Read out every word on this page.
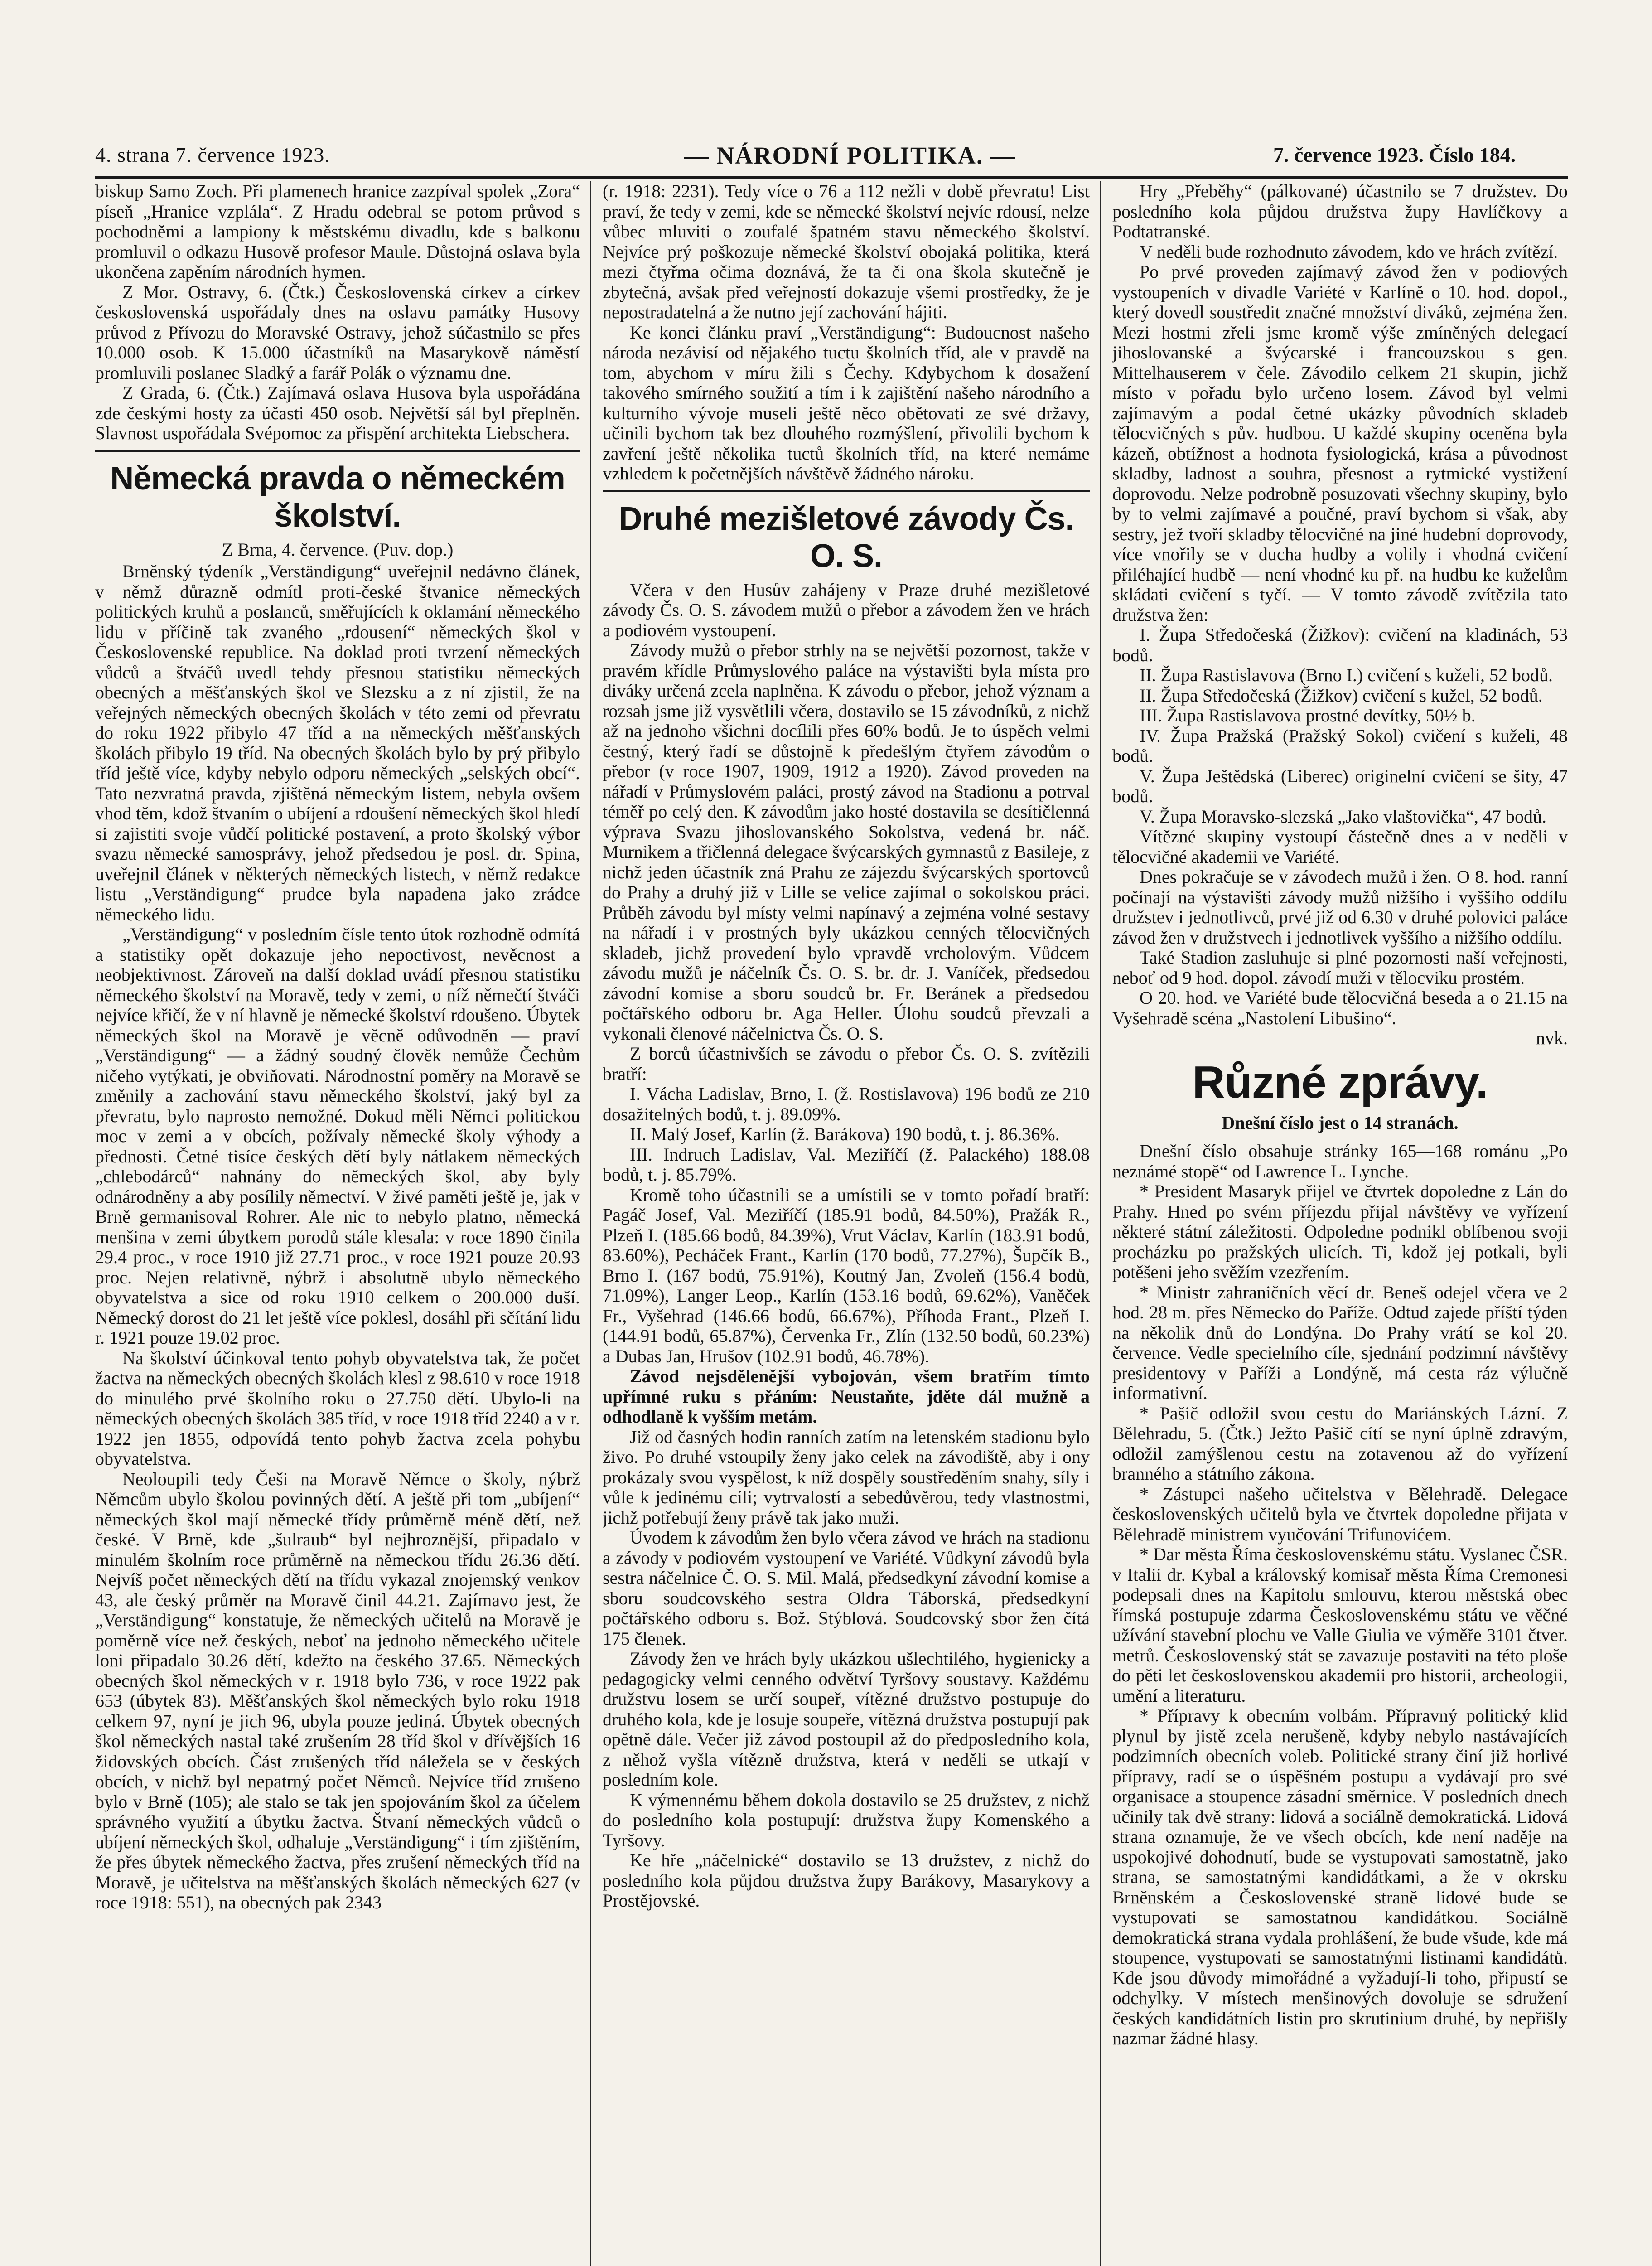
4. strana 7. července 1923.	— NÁRODNÍ POLITIKA. —	7. července 1923. Číslo 184.

biskup Samo Zoch. Při plamenech hranice zazpíval spolek „Zora“ píseň „Hranice vzplála“. Z Hradu odebral se potom průvod s pochodněmi a lampiony k městskému divadlu, kde s balkonu promluvil o odkazu Husově profesor Maule. Důstojná oslava byla ukončena zapěním národních hymen.

Z Mor. Ostravy, 6. (Čtk.) Československá církev a církev československá uspořádaly dnes na oslavu památky Husovy průvod z Přívozu do Moravské Ostravy, jehož súčastnilo se přes 10.000 osob. K 15.000 účastníků na Masarykově náměstí promluvili poslanec Sladký a farář Polák o významu dne.

Z Grada, 6. (Čtk.) Zajímavá oslava Husova byla uspořádána zde českými hosty za účasti 450 osob. Největší sál byl přeplněn. Slavnost uspořádala Svépomoc za přispění architekta Liebschera.

Německá pravda o německém školství.
Z Brna, 4. července. (Puv. dop.)

Brněnský týdeník „Verständigung“ uveřejnil nedávno článek, v němž důrazně odmítl proti-české štvanice německých politických kruhů a poslanců, směřujících k oklamání německého lidu v příčině tak zvaného „rdousení“ německých škol v Československé republice. Na doklad proti tvrzení německých vůdců a štváčů uvedl tehdy přesnou statistiku německých obecných a měšťanských škol ve Slezsku a z ní zjistil, že na veřejných německých obecných školách v této zemi od převratu do roku 1922 přibylo 47 tříd a na německých měšťanských školách přibylo 19 tříd. Na obecných školách bylo by prý přibylo tříd ještě více, kdyby nebylo odporu německých „selských obcí“. Tato nezvratná pravda, zjištěná německým listem, nebyla ovšem vhod těm, kdož štvaním o ubíjení a rdoušení německých škol hledí si zajistiti svoje vůdčí politické postavení, a proto školský výbor svazu německé samosprávy, jehož předsedou je posl. dr. Spina, uveřejnil článek v některých německých listech, v němž redakce listu „Verständigung“ prudce byla napadena jako zrádce německého lidu.

„Verständigung“ v posledním čísle tento útok rozhodně odmítá a statistiky opět dokazuje jeho nepoctivost, nevěcnost a neobjektivnost. Zároveň na další doklad uvádí přesnou statistiku německého školství na Moravě, tedy v zemi, o níž němečtí štváči nejvíce křičí, že v ní hlavně je německé školství rdoušeno. Úbytek německých škol na Moravě je věcně odůvodněn — praví „Verständigung“ — a žádný soudný člověk nemůže Čechům ničeho vytýkati, je obviňovati. Národnostní poměry na Moravě se změnily a zachování stavu německého školství, jaký byl za převratu, bylo naprosto nemožné. Dokud měli Němci politickou moc v zemi a v obcích, požívaly německé školy výhody a přednosti. Četné tisíce českých dětí byly nátlakem německých „chlebodárců“ nahnány do německých škol, aby byly odnárodněny a aby posílily němectví. V živé paměti ještě je, jak v Brně germanisoval Rohrer. Ale nic to nebylo platno, německá menšina v zemi úbytkem porodů stále klesala: v roce 1890 činila 29.4 proc., v roce 1910 již 27.71 proc., v roce 1921 pouze 20.93 proc. Nejen relativně, nýbrž i absolutně ubylo německého obyvatelstva a sice od roku 1910 celkem o 200.000 duší. Německý dorost do 21 let ještě více poklesl, dosáhl při sčítání lidu r. 1921 pouze 19.02 proc.

Na školství účinkoval tento pohyb obyvatelstva tak, že počet žactva na německých obecných školách klesl z 98.610 v roce 1918 do minulého prvé školního roku o 27.750 dětí. Ubylo-li na německých obecných školách 385 tříd, v roce 1918 tříd 2240 a v r. 1922 jen 1855, odpovídá tento pohyb žactva zcela pohybu obyvatelstva.

Neoloupili tedy Češi na Moravě Němce o školy, nýbrž Němcům ubylo školou povinných dětí. A ještě při tom „ubíjení“ německých škol mají německé třídy průměrně méně dětí, než české. V Brně, kde „šulraub“ byl nejhroznější, připadalo v minulém školním roce průměrně na německou třídu 26.36 dětí. Nejvíš počet německých dětí na třídu vykazal znojemský venkov 43, ale český průměr na Moravě činil 44.21. Zajímavo jest, že „Verständigung“ konstatuje, že německých učitelů na Moravě je poměrně více než českých, neboť na jednoho německého učitele loni připadalo 30.26 dětí, kdežto na českého 37.65. Německých obecných škol německých v r. 1918 bylo 736, v roce 1922 pak 653 (úbytek 83). Měšťanských škol německých bylo roku 1918 celkem 97, nyní je jich 96, ubyla pouze jediná. Úbytek obecných škol německých nastal také zrušením 28 tříd škol v dřívějších 16 židovských obcích. Část zrušených tříd náležela se v českých obcích, v nichž byl nepatrný počet Němců. Nejvíce tříd zrušeno bylo v Brně (105); ale stalo se tak jen spojováním škol za účelem správného využití a úbytku žactva. Štvaní německých vůdců o ubíjení německých škol, odhaluje „Verständigung“ i tím zjištěním, že přes úbytek německého žactva, přes zrušení německých tříd na Moravě, je učitelstva na měšťanských školách německých 627 (v roce 1918: 551), na obecných pak 2343

(r. 1918: 2231). Tedy více o 76 a 112 nežli v době převratu! List praví, že tedy v zemi, kde se německé školství nejvíc rdousí, nelze vůbec mluviti o zoufalé špatném stavu německého školství. Nejvíce prý poškozuje německé školství obojaká politika, která mezi čtyřma očima doznává, že ta či ona škola skutečně je zbytečná, avšak před veřejností dokazuje všemi prostředky, že je nepostradatelná a že nutno její zachování hájiti.

Ke konci článku praví „Verständigung“: Budoucnost našeho národa nezávisí od nějakého tuctu školních tříd, ale v pravdě na tom, abychom v míru žili s Čechy. Kdybychom k dosažení takového smírného soužití a tím i k zajištění našeho národního a kulturního vývoje museli ještě něco obětovati ze své državy, učinili bychom tak bez dlouhého rozmýšlení, přivolili bychom k zavření ještě několika tuctů školních tříd, na které nemáme vzhledem k početnějších návštěvě žádného nároku.

Druhé mezišletové závody Čs. O. S.

Včera v den Husův zahájeny v Praze druhé mezišletové závody Čs. O. S. závodem mužů o přebor a závodem žen ve hrách a podiovém vystoupení.

Závody mužů o přebor strhly na se největší pozornost, takže v pravém křídle Průmyslového paláce na výstavišti byla místa pro diváky určená zcela naplněna. K závodu o přebor, jehož význam a rozsah jsme již vysvětlili včera, dostavilo se 15 závodníků, z nichž až na jednoho všichni docílili přes 60% bodů. Je to úspěch velmi čestný, který řadí se důstojně k předešlým čtyřem závodům o přebor (v roce 1907, 1909, 1912 a 1920). Závod proveden na nářadí v Průmyslovém paláci, prostý závod na Stadionu a potrval téměř po celý den. K závodům jako hosté dostavila se desítičlenná výprava Svazu jihoslovanského Sokolstva, vedená br. náč. Murnikem a třičlenná delegace švýcarských gymnastů z Basileje, z nichž jeden účastník zná Prahu ze zájezdu švýcarských sportovců do Prahy a druhý již v Lille se velice zajímal o sokolskou práci. Průběh závodu byl místy velmi napínavý a zejména volné sestavy na nářadí i v prostných byly ukázkou cenných tělocvičných skladeb, jichž provedení bylo vpravdě vrcholovým. Vůdcem závodu mužů je náčelník Čs. O. S. br. dr. J. Vaníček, předsedou závodní komise a sboru soudců br. Fr. Beránek a předsedou počtářského odboru br. Aga Heller. Úlohu soudců převzali a vykonali členové náčelnictva Čs. O. S.

Z borců účastnivších se závodu o přebor Čs. O. S. zvítězili bratří:

I. Vácha Ladislav, Brno, I. (ž. Rostislavova) 196 bodů ze 210 dosažitelných bodů, t. j. 89.09%.

II. Malý Josef, Karlín (ž. Barákova) 190 bodů, t. j. 86.36%.

III. Indruch Ladislav, Val. Meziříčí (ž. Palackého) 188.08 bodů, t. j. 85.79%.

Kromě toho účastnili se a umístili se v tomto pořadí bratří: Pagáč Josef, Val. Meziříčí (185.91 bodů, 84.50%), Pražák R., Plzeň I. (185.66 bodů, 84.39%), Vrut Václav, Karlín (183.91 bodů, 83.60%), Pecháček Frant., Karlín (170 bodů, 77.27%), Šupčík B., Brno I. (167 bodů, 75.91%), Koutný Jan, Zvoleň (156.4 bodů, 71.09%), Langer Leop., Karlín (153.16 bodů, 69.62%), Vaněček Fr., Vyšehrad (146.66 bodů, 66.67%), Příhoda Frant., Plzeň I. (144.91 bodů, 65.87%), Červenka Fr., Zlín (132.50 bodů, 60.23%) a Dubas Jan, Hrušov (102.91 bodů, 46.78%).

Závod nejsdělenější vybojován, všem bratřím tímto upřímné ruku s přáním: Neustaňte, jděte dál mužně a odhodlaně k vyšším metám.

Již od časných hodin ranních zatím na letenském stadionu bylo živo. Po druhé vstoupily ženy jako celek na závodiště, aby i ony prokázaly svou vyspělost, k níž dospěly soustředěním snahy, síly i vůle k jedinému cíli; vytrvalostí a sebedůvěrou, tedy vlastnostmi, jichž potřebují ženy právě tak jako muži.

Úvodem k závodům žen bylo včera závod ve hrách na stadionu a závody v podiovém vystoupení ve Variété. Vůdkyní závodů byla sestra náčelnice Č. O. S. Mil. Malá, předsedkyní závodní komise a sboru soudcovského sestra Oldra Táborská, předsedkyní počtářského odboru s. Bož. Stýblová. Soudcovský sbor žen čítá 175 členek.

Závody žen ve hrách byly ukázkou ušlechtilého, hygienicky a pedagogicky velmi cenného odvětví Tyršovy soustavy. Každému družstvu losem se určí soupeř, vítězné družstvo postupuje do druhého kola, kde je losuje soupeře, vítězná družstva postupují pak opětně dále. Večer již závod postoupil až do předposledního kola, z něhož vyšla vítězně družstva, která v neděli se utkají v posledním kole.

K výmennému během dokola dostavilo se 25 družstev, z nichž do posledního kola postupují: družstva župy Komenského a Tyršovy.

Ke hře „náčelnické“ dostavilo se 13 družstev, z nichž do posledního kola půjdou družstva župy Barákovy, Masarykovy a Prostějovské.

Hry „Přeběhy“ (pálkované) účastnilo se 7 družstev. Do posledního kola půjdou družstva župy Havlíčkovy a Podtatranské.

V neděli bude rozhodnuto závodem, kdo ve hrách zvítězí.

Po prvé proveden zajímavý závod žen v podiových vystoupeních v divadle Variété v Karlíně o 10. hod. dopol., který dovedl soustředit značné množství diváků, zejména žen. Mezi hostmi zřeli jsme kromě výše zmíněných delegací jihoslovanské a švýcarské i francouzskou s gen. Mittelhauserem v čele. Závodilo celkem 21 skupin, jichž místo v pořadu bylo určeno losem. Závod byl velmi zajímavým a podal četné ukázky původních skladeb tělocvičných s pův. hudbou. U každé skupiny oceněna byla kázeň, obtížnost a hodnota fysiologická, krása a původnost skladby, ladnost a souhra, přesnost a rytmické vystižení doprovodu. Nelze podrobně posuzovati všechny skupiny, bylo by to velmi zajímavé a poučné, praví bychom si však, aby sestry, jež tvoří skladby tělocvičné na jiné hudební doprovody, více vnořily se v ducha hudby a volily i vhodná cvičení přiléhající hudbě — není vhodné ku př. na hudbu ke kuželům skládati cvičení s tyčí. — V tomto závodě zvítězila tato družstva žen:

I. Župa Středočeská (Žižkov): cvičení na kladinách, 53 bodů.

II. Župa Rastislavova (Brno I.) cvičení s kuželi, 52 bodů.

II. Župa Středočeská (Žižkov) cvičení s kužel, 52 bodů.

III. Župa Rastislavova prostné devítky, 50½ b.

IV. Župa Pražská (Pražský Sokol) cvičení s kuželi, 48 bodů.

V. Župa Ještědská (Liberec) originelní cvičení se šity, 47 bodů.

V. Župa Moravsko-slezská „Jako vlaštovička“, 47 bodů.

Vítězné skupiny vystoupí částečně dnes a v neděli v tělocvičné akademii ve Variété.

Dnes pokračuje se v závodech mužů i žen. O 8. hod. ranní počínají na výstavišti závody mužů nižšího i vyššího oddílu družstev i jednotlivců, prvé již od 6.30 v druhé polovici paláce závod žen v družstvech i jednotlivek vyššího a nižšího oddílu.

Také Stadion zasluhuje si plné pozornosti naší veřejnosti, neboť od 9 hod. dopol. závodí muži v tělocviku prostém.

O 20. hod. ve Variété bude tělocvičná beseda a o 21.15 na Vyšehradě scéna „Nastolení Libušino“.

nvk.

Různé zprávy.
Dnešní číslo jest o 14 stranách.

Dnešní číslo obsahuje stránky 165—168 románu „Po neznámé stopě“ od Lawrence L. Lynche.

* President Masaryk přijel ve čtvrtek dopoledne z Lán do Prahy. Hned po svém příjezdu přijal návštěvy ve vyřízení některé státní záležitosti. Odpoledne podnikl oblíbenou svoji procházku po pražských ulicích. Ti, kdož jej potkali, byli potěšeni jeho svěžím vzezřením.

* Ministr zahraničních věcí dr. Beneš odejel včera ve 2 hod. 28 m. přes Německo do Paříže. Odtud zajede příští týden na několik dnů do Londýna. Do Prahy vrátí se kol 20. července. Vedle specielního cíle, sjednání podzimní návštěvy presidentovy v Paříži a Londýně, má cesta ráz výlučně informativní.

* Pašič odložil svou cestu do Mariánských Lázní. Z Bělehradu, 5. (Čtk.) Ježto Pašič cítí se nyní úplně zdravým, odložil zamýšlenou cestu na zotavenou až do vyřízení branného a státního zákona.

* Zástupci našeho učitelstva v Bělehradě. Delegace československých učitelů byla ve čtvrtek dopoledne přijata v Bělehradě ministrem vyučování Trifunovićem.

* Dar města Říma československému státu. Vyslanec ČSR. v Italii dr. Kybal a královský komisař města Říma Cremonesi podepsali dnes na Kapitolu smlouvu, kterou městská obec římská postupuje zdarma Československému státu ve věčné užívání stavební plochu ve Valle Giulia ve výměře 3101 čtver. metrů. Československý stát se zavazuje postaviti na této ploše do pěti let československou akademii pro historii, archeologii, umění a literaturu.

* Přípravy k obecním volbám. Přípravný politický klid plynul by jistě zcela nerušeně, kdyby nebylo nastávajících podzimních obecních voleb. Politické strany činí již horlivé přípravy, radí se o úspěšném postupu a vydávají pro své organisace a stoupence zásadní směrnice. V posledních dnech učinily tak dvě strany: lidová a sociálně demokratická. Lidová strana oznamuje, že ve všech obcích, kde není naděje na uspokojivé dohodnutí, bude se vystupovati samostatně, jako strana, se samostatnými kandidátkami, a že v okrsku Brněnském a Československé straně lidové bude se vystupovati se samostatnou kandidátkou. Sociálně demokratická strana vydala prohlášení, že bude všude, kde má stoupence, vystupovati se samostatnými listinami kandidátů. Kde jsou důvody mimořádné a vyžadují-li toho, připustí se odchylky. V místech menšinových dovoluje se sdružení českých kandidátních listin pro skrutinium druhé, by nepřišly nazmar žádné hlasy.
